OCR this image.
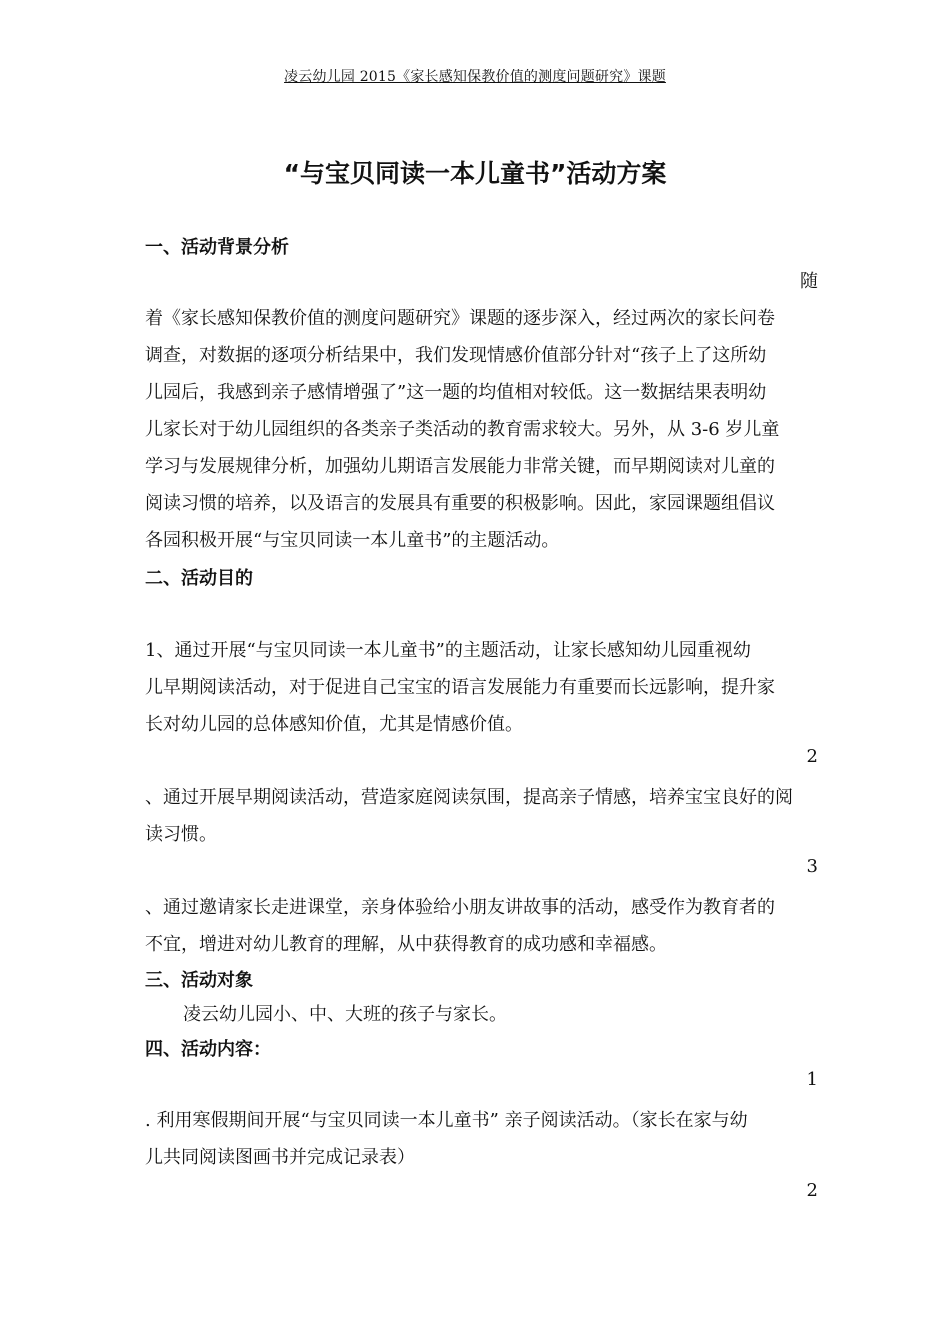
凌云幼儿园 2015《家长感知保教价值的测度问题研究》课题
“与宝贝同读一本儿童书”活动方案
一、活动背景分析
随
着《家长感知保教价值的测度问题研究》课题的逐步深入，经过两次的家长问卷
调查，对数据的逐项分析结果中，我们发现情感价值部分针对“孩子上了这所幼
儿园后，我感到亲子感情增强了”这一题的均值相对较低。这一数据结果表明幼
儿家长对于幼儿园组织的各类亲子类活动的教育需求较大。另外，从 3-6 岁儿童
学习与发展规律分析，加强幼儿期语言发展能力非常关键，而早期阅读对儿童的
阅读习惯的培养，以及语言的发展具有重要的积极影响。因此，家园课题组倡议
各园积极开展“与宝贝同读一本儿童书”的主题活动。
二、活动目的
1、通过开展“与宝贝同读一本儿童书”的主题活动，让家长感知幼儿园重视幼
儿早期阅读活动，对于促进自己宝宝的语言发展能力有重要而长远影响，提升家
长对幼儿园的总体感知价值，尤其是情感价值。
2
、通过开展早期阅读活动，营造家庭阅读氛围，提高亲子情感，培养宝宝良好的阅
读习惯。
3
、通过邀请家长走进课堂，亲身体验给小朋友讲故事的活动，感受作为教育者的
不宜，增进对幼儿教育的理解，从中获得教育的成功感和幸福感。
三、活动对象
凌云幼儿园小、中、大班的孩子与家长。
四、活动内容：
1
. 利用寒假期间开展“与宝贝同读一本儿童书” 亲子阅读活动。（家长在家与幼
儿共同阅读图画书并完成记录表）
2
